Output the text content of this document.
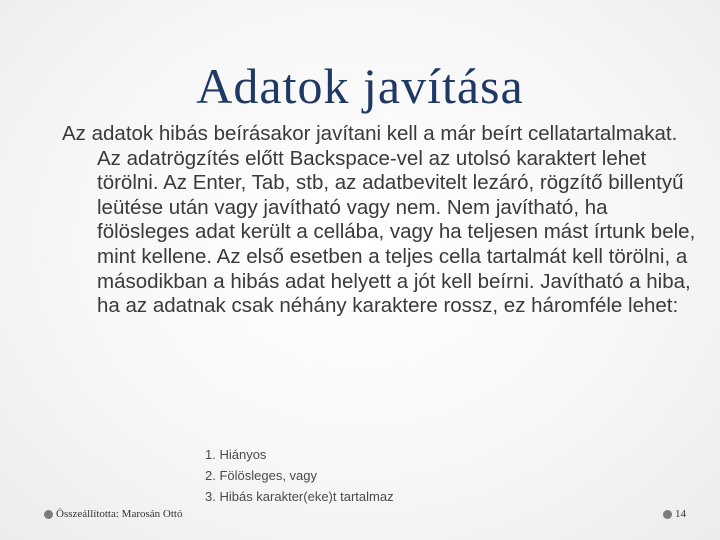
Adatok javítása

Az adatok hibás beírásakor javítani kell a már beírt cellatartalmakat. Az adatrögzítés előtt Backspace-vel az utolsó karaktert lehet törölni. Az Enter, Tab, stb, az adatbevitelt lezáró, rögzítő billentyű leütése után vagy javítható vagy nem. Nem javítható, ha fölösleges adat került a cellába, vagy ha teljesen mást írtunk bele, mint kellene. Az első esetben a teljes cella tartalmát kell törölni, a másodikban a hibás adat helyett a jót kell beírni. Javítható a hiba, ha az adatnak csak néhány karaktere rossz, ez háromféle lehet:

1. Hiányos
2. Fölösleges, vagy
3. Hibás karakter(eke)t tartalmaz
Összeállította: Marosán Ottó	14
